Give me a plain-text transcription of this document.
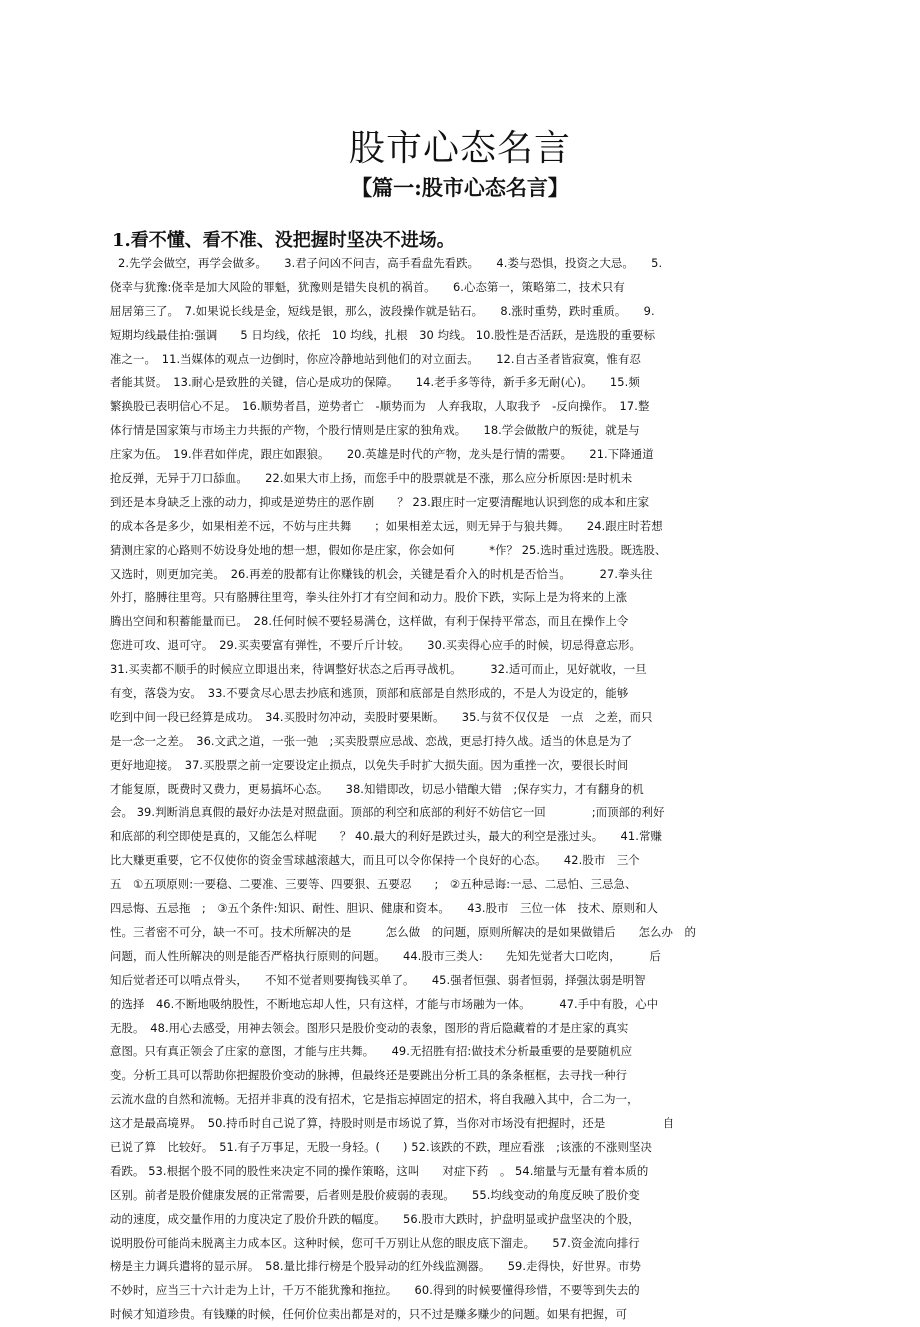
股市心态名言
【篇一:股市心态名言】
1.看不懂、看不准、没把握时坚决不进场。
2.先学会做空，再学会做多。　　3.君子问凶不问吉，高手看盘先看跌。　　4.娄与恐惧，投资之大忌。　　5.
侥幸与犹豫:侥幸是加大风险的罪魁，犹豫则是错失良机的祸首。　　6.心态第一，策略第二，技术只有
屈居第三了。　7.如果说长线是金，短线是银，那么，波段操作就是钻石。　　8.涨时重势，跌时重质。　　9.
短期均线最佳拍:强调　　5 日均线，依托　10 均线，扎根　30 均线。 10.股性是否活跃，是选股的重要标
准之一。　11.当媒体的观点一边倒时，你应冷静地站到他们的对立面去。　　12.自古圣者皆寂寞，惟有忍
者能其贤。　13.耐心是致胜的关键，信心是成功的保障。　　14.老手多等待，新手多无耐(心)。　　15.频
繁换股已表明信心不足。　16.顺势者昌，逆势者亡　-顺势而为　人弃我取，人取我予　-反向操作。　17.整
体行情是国家策与市场主力共振的产物，个股行情则是庄家的独角戏。　　18.学会做散户的叛徒，就是与
庄家为伍。　19.伴君如伴虎，跟庄如跟狼。　　20.英雄是时代的产物，龙头是行情的需要。　　21.下降通道
抢反弹，无异于刀口舔血。　　22.如果大市上扬，而您手中的股票就是不涨，那么应分析原因:是时机未
到还是本身缺乏上涨的动力，抑或是逆势庄的恶作剧　　？ 23.跟庄时一定要清醒地认识到您的成本和庄家
的成本各是多少，如果相差不远，不妨与庄共舞　　；如果相差太远，则无异于与狼共舞。　　24.跟庄时若想
猜测庄家的心路则不妨设身处地的想一想，假如你是庄家，你会如何　　　*作？ 25.选时重过选股。既选股、
又选时，则更加完美。　26.再差的股都有让你赚钱的机会，关键是看介入的时机是否恰当。　　　27.拳头往
外打，胳膊往里弯。只有胳膊往里弯，拳头往外打才有空间和动力。股价下跌，实际上是为将来的上涨
腾出空间和积蓄能量而已。　28.任何时候不要轻易满仓，这样做，有利于保持平常态，而且在操作上令
您进可攻、退可守。　29.买卖要富有弹性，不要斤斤计较。　　30.买卖得心应手的时候，切忌得意忘形。
31.买卖都不顺手的时候应立即退出来，待调整好状态之后再寻战机。　　　32.适可而止，见好就收，一旦
有变，落袋为安。　33.不要贪尽心思去抄底和逃顶，顶部和底部是自然形成的，不是人为设定的，能够
吃到中间一段已经算是成功。　34.买股时勿冲动，卖股时要果断。　　35.与贫不仅仅是　一点　之差，而只
是一念一之差。　36.文武之道，一张一弛　;买卖股票应忌战、恋战，更忌打持久战。适当的休息是为了
更好地迎接。　37.买股票之前一定要设定止损点，以免失手时扩大损失面。因为重挫一次，要很长时间
才能复原，既费时又费力，更易搞坏心态。　　38.知错即改，切忌小错酿大错　;保存实力，才有翻身的机
会。 39.判断消息真假的最好办法是对照盘面。顶部的利空和底部的利好不妨信它一回　　　　;而顶部的利好
和底部的利空即使是真的，又能怎么样呢　　？ 40.最大的利好是跌过头，最大的利空是涨过头。　　41.常赚
比大赚更重要，它不仅使你的资金雪球越滚越大，而且可以令你保持一个良好的心态。　　42.股市　三个
五　①五项原则:一要稳、二要准、三要等、四要狠、五要忍　　;　②五种忌诲:一忌、二忌怕、三忌急、
四忌悔、五忌拖　;　③五个条件:知识、耐性、胆识、健康和资本。　　43.股市　三位一体　技术、原则和人
性。三者密不可分，缺一不可。技术所解决的是　　　怎么做　的问题，原则所解决的是如果做错后　　怎么办　的
问题，而人性所解决的则是能否严格执行原则的问题。　　44.股市三类人:　　先知先觉者大口吃肉，　　　后
知后觉者还可以啃点骨头，　　不知不觉者则要掏钱买单了。　　45.强者恒强、弱者恒弱，择强汰弱是明智
的选择　46.不断地吸纳股性，不断地忘却人性，只有这样，才能与市场融为一体。　　　47.手中有股，心中
无股。　48.用心去感受，用神去领会。图形只是股价变动的表象，图形的背后隐藏着的才是庄家的真实
意图。只有真正领会了庄家的意图，才能与庄共舞。　　49.无招胜有招:做技术分析最重要的是要随机应
变。分析工具可以帮助你把握股价变动的脉搏，但最终还是要跳出分析工具的条条框框，去寻找一种行
云流水盘的自然和流畅。无招并非真的没有招术，它是指忘掉固定的招术，将自我融入其中，合二为一，
这才是最高境界。　50.持币时自己说了算，持股时则是市场说了算，当你对市场没有把握时，还是　　　　　自
已说了算　比较好。　51.有子万事足，无股一身轻。(　　) 52.该跌的不跌，理应看涨　;该涨的不涨则坚决
看跌。 53.根据个股不同的股性来决定不同的操作策略，这叫　　对症下药　。 54.缩量与无量有着本质的
区别。前者是股价健康发展的正常需要，后者则是股价疲弱的表现。　　55.均线变动的角度反映了股价变
动的速度，成交量作用的力度决定了股价升跌的幅度。　　56.股市大跌时，护盘明显或护盘坚决的个股，
说明股份可能尚未脱离主力成本区。这种时候，您可千万别让从您的眼皮底下溜走。　　57.资金流向排行
榜是主力调兵遣将的显示屏。　58.量比排行榜是个股异动的红外线监测器。　　59.走得快，好世界。市势
不妙时，应当三十六计走为上计，千万不能犹豫和拖拉。　　60.得到的时候要懂得珍惜，不要等到失去的
时候才知道珍贵。有钱赚的时候，任何价位卖出都是对的，只不过是赚多赚少的问题。如果有把握，可
